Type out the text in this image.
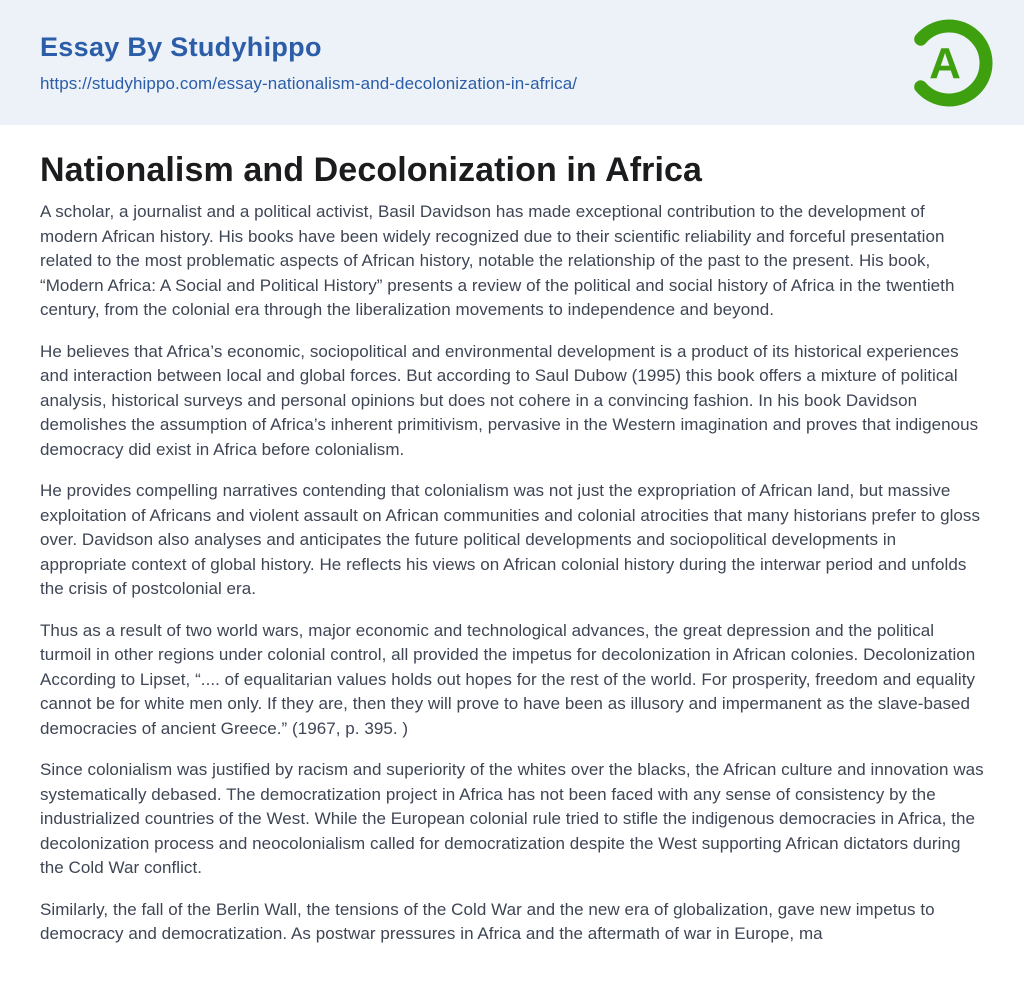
Essay By Studyhippo
https://studyhippo.com/essay-nationalism-and-decolonization-in-africa/	A
Nationalism and Decolonization in Africa

A scholar, a journalist and a political activist, Basil Davidson has made exceptional contribution to the development of modern African history. His books have been widely recognized due to their scientific reliability and forceful presentation related to the most problematic aspects of African history, notable the relationship of the past to the present. His book, “Modern Africa: A Social and Political History” presents a review of the political and social history of Africa in the twentieth century, from the colonial era through the liberalization movements to independence and beyond.

He believes that Africa’s economic, sociopolitical and environmental development is a product of its historical experiences and interaction between local and global forces. But according to Saul Dubow (1995) this book offers a mixture of political analysis, historical surveys and personal opinions but does not cohere in a convincing fashion. In his book Davidson demolishes the assumption of Africa’s inherent primitivism, pervasive in the Western imagination and proves that indigenous democracy did exist in Africa before colonialism.

He provides compelling narratives contending that colonialism was not just the expropriation of African land, but massive exploitation of Africans and violent assault on African communities and colonial atrocities that many historians prefer to gloss over. Davidson also analyses and anticipates the future political developments and sociopolitical developments in appropriate context of global history. He reflects his views on African colonial history during the interwar period and unfolds the crisis of postcolonial era.

Thus as a result of two world wars, major economic and technological advances, the great depression and the political turmoil in other regions under colonial control, all provided the impetus for decolonization in African colonies. Decolonization According to Lipset, “.... of equalitarian values holds out hopes for the rest of the world. For prosperity, freedom and equality cannot be for white men only. If they are, then they will prove to have been as illusory and impermanent as the slave-based democracies of ancient Greece.” (1967, p. 395. )

Since colonialism was justified by racism and superiority of the whites over the blacks, the African culture and innovation was systematically debased. The democratization project in Africa has not been faced with any sense of consistency by the industrialized countries of the West. While the European colonial rule tried to stifle the indigenous democracies in Africa, the decolonization process and neocolonialism called for democratization despite the West supporting African dictators during the Cold War conflict.

Similarly, the fall of the Berlin Wall, the tensions of the Cold War and the new era of globalization, gave new impetus to democracy and democratization. As postwar pressures in Africa and the aftermath of war in Europe, ma
